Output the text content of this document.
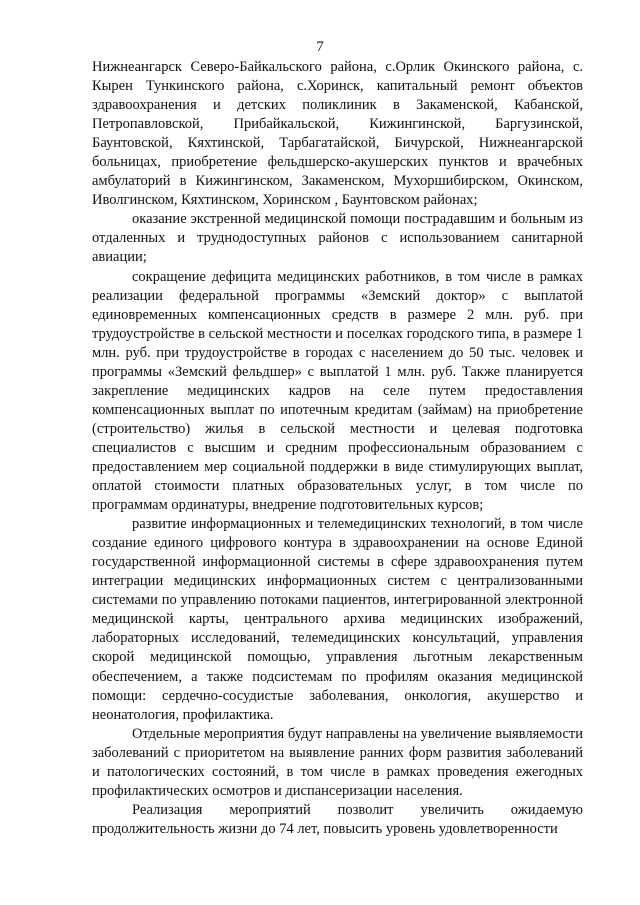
7

Нижнеангарск Северо-Байкальского района, с.Орлик Окинского района, с. Кырен Тункинского района, с.Хоринск, капитальный ремонт объектов здравоохранения и детских поликлиник в Закаменской, Кабанской, Петропавловской, Прибайкальской, Кижингинской, Баргузинской, Баунтовской, Кяхтинской, Тарбагатайской, Бичурской, Нижнеангарской больницах, приобретение фельдшерско-акушерских пунктов и врачебных амбулаторий в Кижингинском, Закаменском, Мухоршибирском, Окинском, Иволгинском, Кяхтинском, Хоринском , Баунтовском районах;

оказание экстренной медицинской помощи пострадавшим и больным из отдаленных и труднодоступных районов с использованием санитарной авиации;

сокращение дефицита медицинских работников, в том числе в рамках реализации федеральной программы «Земский доктор» с выплатой единовременных компенсационных средств в размере 2 млн. руб. при трудоустройстве в сельской местности и поселках городского типа, в размере 1 млн. руб. при трудоустройстве в городах с населением до 50 тыс. человек и программы «Земский фельдшер» с выплатой 1 млн. руб. Также планируется закрепление медицинских кадров на селе путем предоставления компенсационных выплат по ипотечным кредитам (займам) на приобретение (строительство) жилья в сельской местности и целевая подготовка специалистов с высшим и средним профессиональным образованием с предоставлением мер социальной поддержки в виде стимулирующих выплат, оплатой стоимости платных образовательных услуг, в том числе по программам ординатуры, внедрение подготовительных курсов;

развитие информационных и телемедицинских технологий, в том числе создание единого цифрового контура в здравоохранении на основе Единой государственной информационной системы в сфере здравоохранения путем интеграции медицинских информационных систем с централизованными системами по управлению потоками пациентов, интегрированной электронной медицинской карты, центрального архива медицинских изображений, лабораторных исследований, телемедицинских консультаций, управления скорой медицинской помощью, управления льготным лекарственным обеспечением, а также подсистемам по профилям оказания медицинской помощи: сердечно-сосудистые заболевания, онкология, акушерство и неонатология, профилактика.

Отдельные мероприятия будут направлены на увеличение выявляемости заболеваний с приоритетом на выявление ранних форм развития заболеваний и патологических состояний, в том числе в рамках проведения ежегодных профилактических осмотров и диспансеризации населения.

Реализация мероприятий позволит увеличить ожидаемую продолжительность жизни до 74 лет, повысить уровень удовлетворенности
